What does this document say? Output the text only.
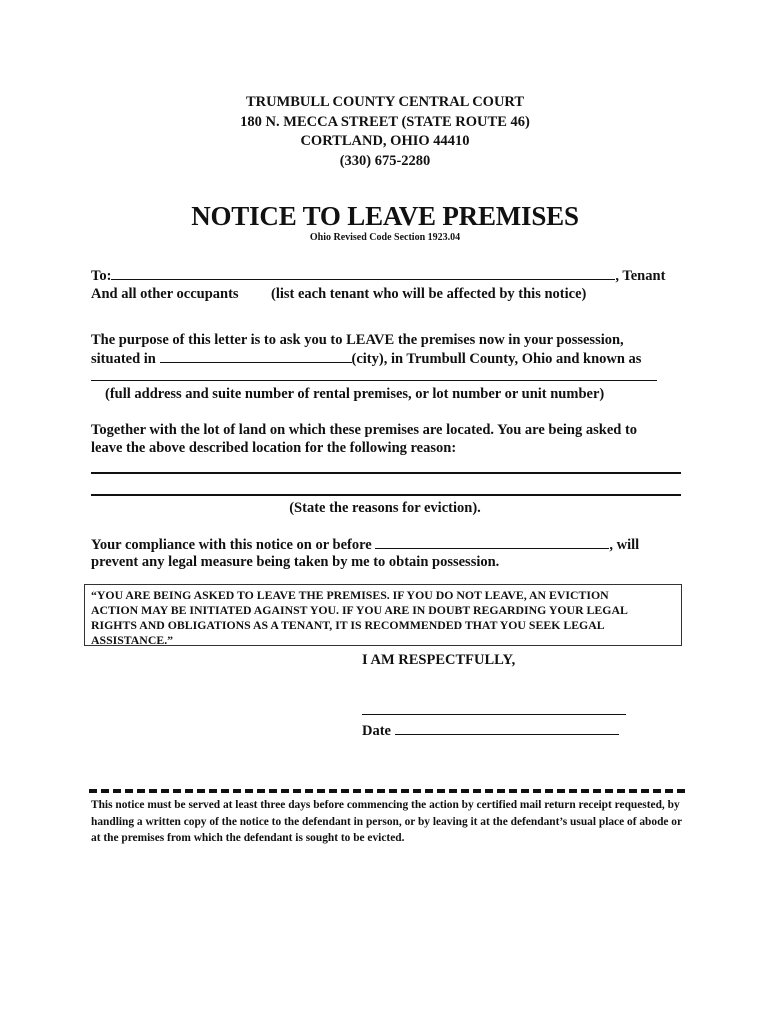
TRUMBULL COUNTY CENTRAL COURT
180 N. MECCA STREET (STATE ROUTE 46)
CORTLAND, OHIO 44410
(330) 675-2280
NOTICE TO LEAVE PREMISES
Ohio Revised Code Section 1923.04
To:	, Tenant
And all other occupants (list each tenant who will be affected by this notice)
The purpose of this letter is to ask you to LEAVE the premises now in your possession,
situated in	(city), in Trumbull County, Ohio and known as
(full address and suite number of rental premises, or lot number or unit number)
Together with the lot of land on which these premises are located. You are being asked to
leave the above described location for the following reason:
(State the reasons for eviction).
Your compliance with this notice on or before	, will
prevent any legal measure being taken by me to obtain possession.
“YOU ARE BEING ASKED TO LEAVE THE PREMISES. IF YOU DO NOT LEAVE, AN EVICTION
ACTION MAY BE INITIATED AGAINST YOU. IF YOU ARE IN DOUBT REGARDING YOUR LEGAL
RIGHTS AND OBLIGATIONS AS A TENANT, IT IS RECOMMENDED THAT YOU SEEK LEGAL
ASSISTANCE.”
I AM RESPECTFULLY,
Date
This notice must be served at least three days before commencing the action by certified mail return receipt requested, by handling a written copy of the notice to the defendant in person, or by leaving it at the defendant’s usual place of abode or at the premises from which the defendant is sought to be evicted.
